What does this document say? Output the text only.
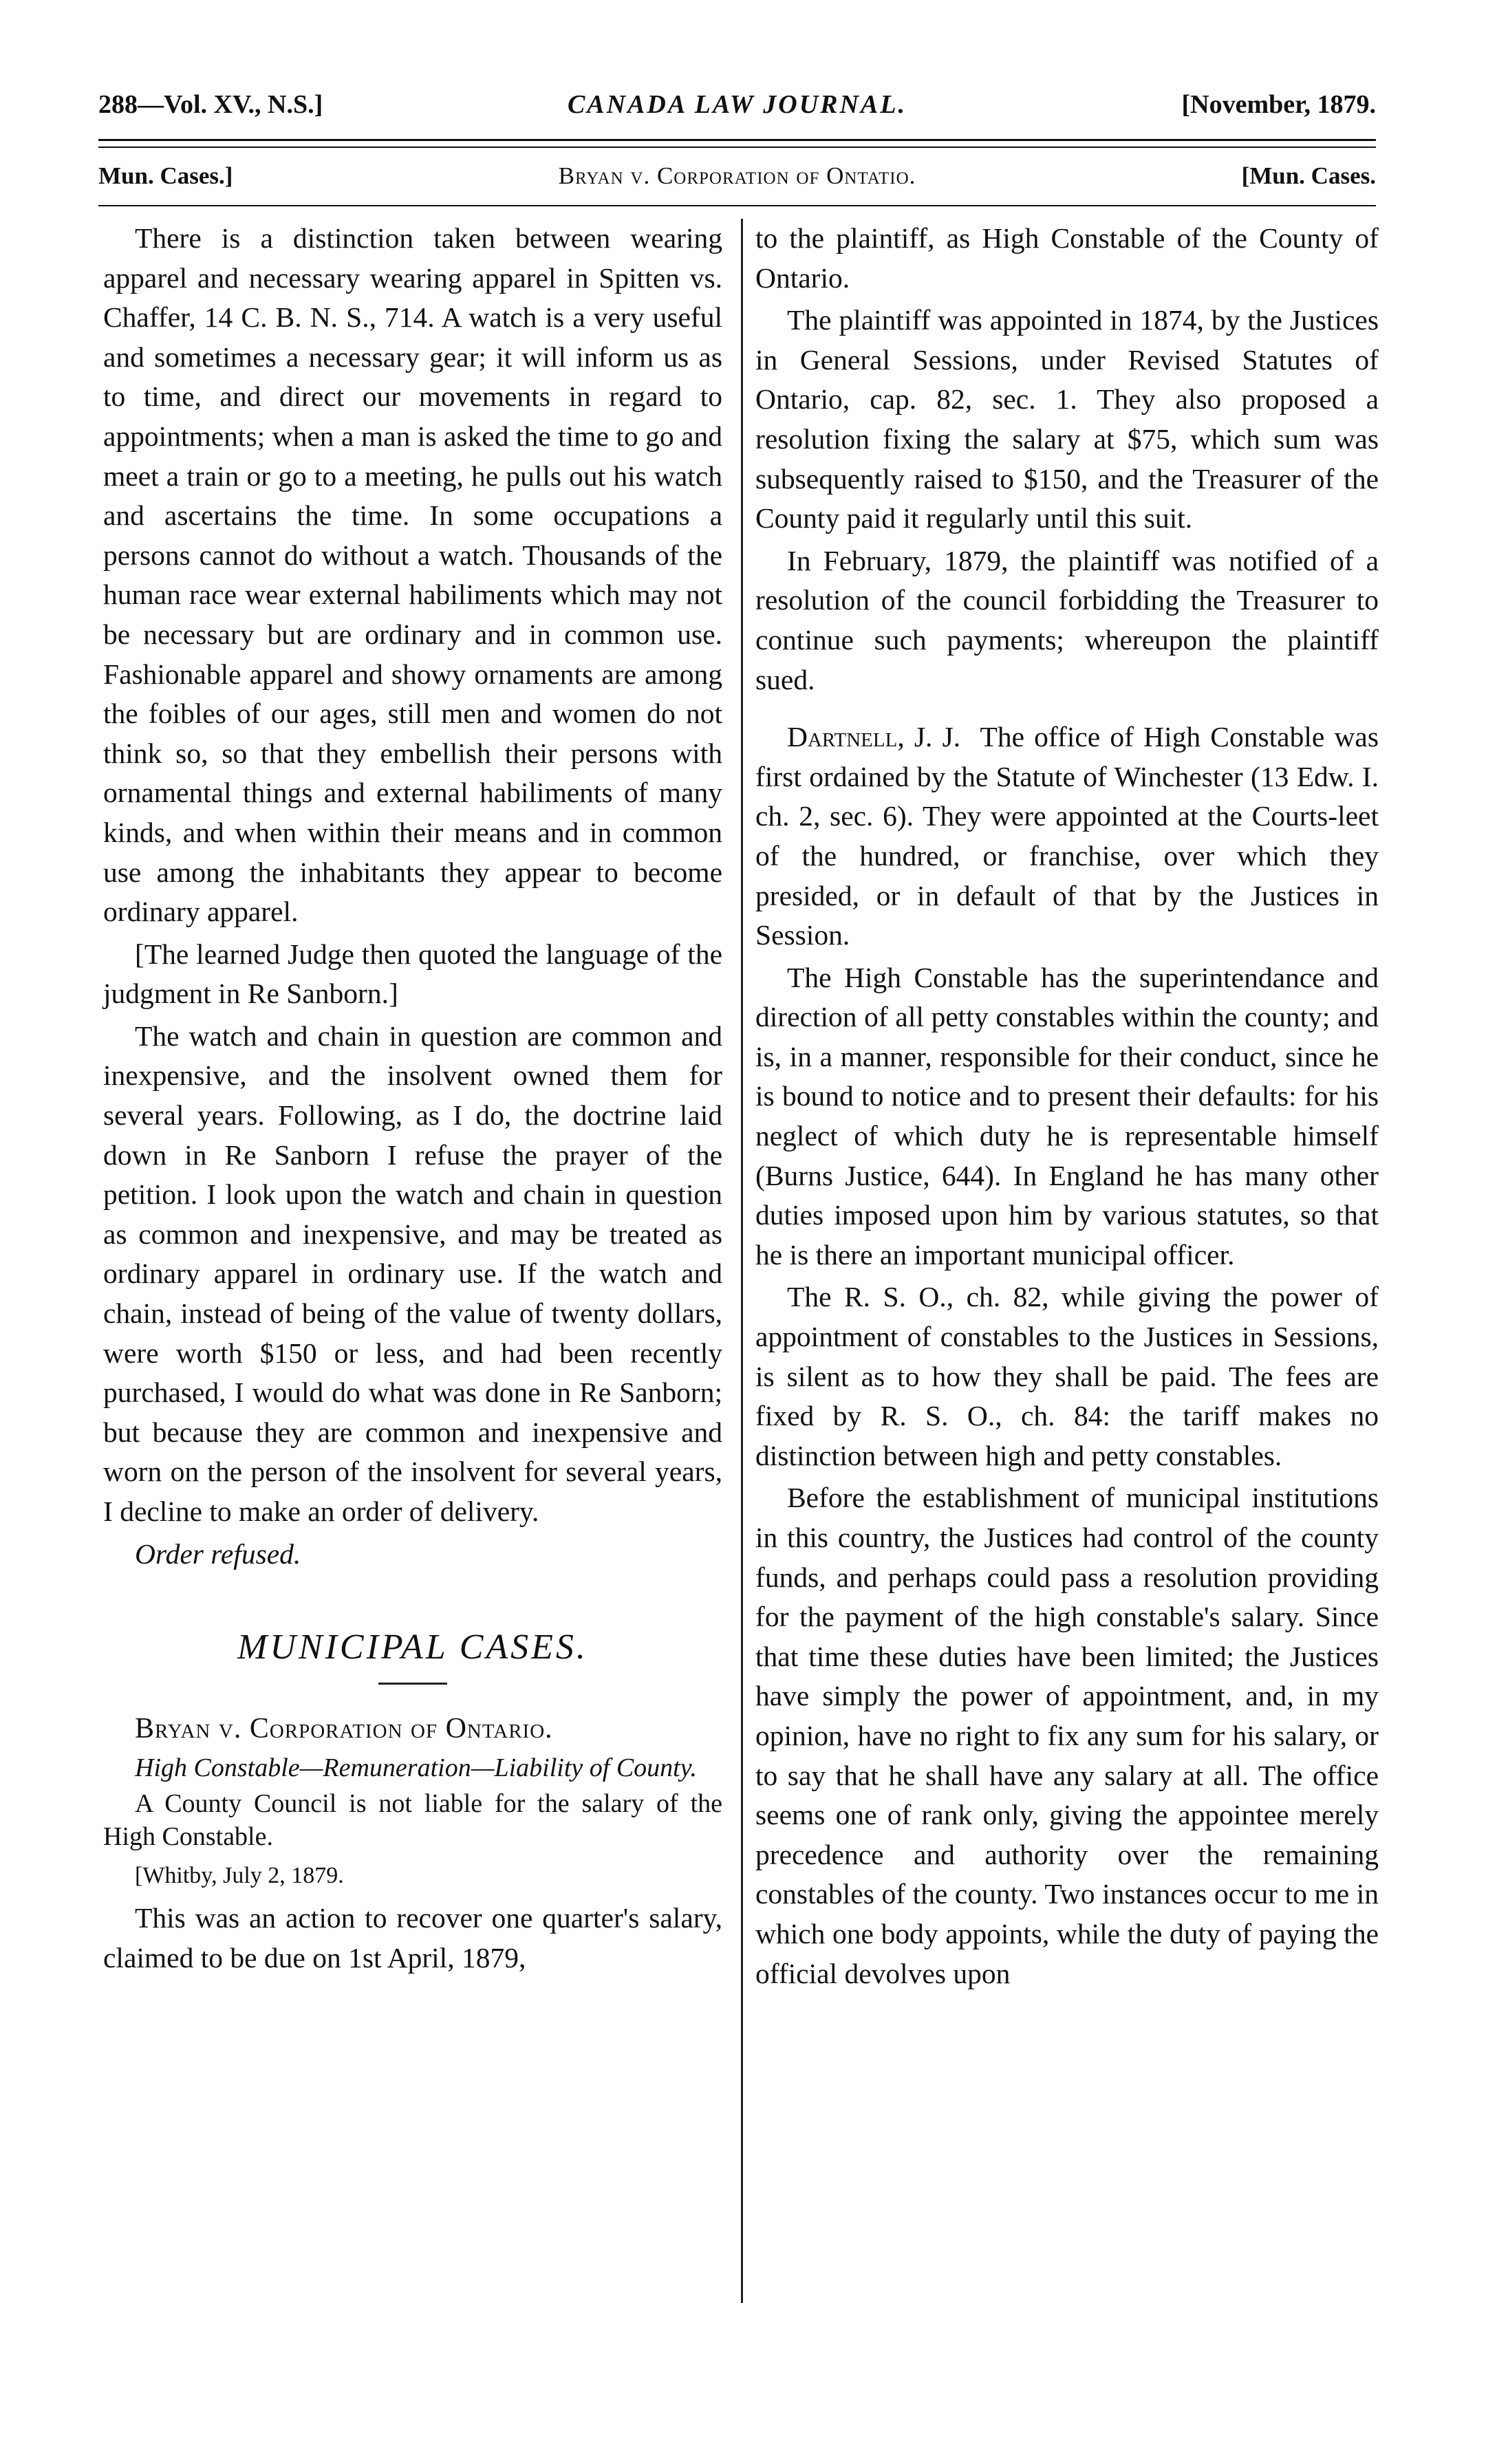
288—Vol. XV., N.S.]	CANADA LAW JOURNAL.	[November, 1879.
Mun. Cases.]	Bryan v. Corporation of Ontatio.	[Mun. Cases.

There is a distinction taken between wearing apparel and necessary wearing apparel in Spitten vs. Chaffer, 14 C. B. N. S., 714. A watch is a very useful and sometimes a necessary gear; it will inform us as to time, and direct our movements in regard to appointments; when a man is asked the time to go and meet a train or go to a meeting, he pulls out his watch and ascertains the time. In some occupations a persons cannot do without a watch. Thousands of the human race wear external habiliments which may not be necessary but are ordinary and in common use. Fashionable apparel and showy ornaments are among the foibles of our ages, still men and women do not think so, so that they embellish their persons with ornamental things and external habiliments of many kinds, and when within their means and in common use among the inhabitants they appear to become ordinary apparel.

[The learned Judge then quoted the language of the judgment in Re Sanborn.]

The watch and chain in question are common and inexpensive, and the insolvent owned them for several years. Following, as I do, the doctrine laid down in Re Sanborn I refuse the prayer of the petition. I look upon the watch and chain in question as common and inexpensive, and may be treated as ordinary apparel in ordinary use. If the watch and chain, instead of being of the value of twenty dollars, were worth $150 or less, and had been recently purchased, I would do what was done in Re Sanborn; but because they are common and inexpensive and worn on the person of the insolvent for several years, I decline to make an order of delivery.

Order refused.

MUNICIPAL CASES.

Bryan v. Corporation of Ontario.

High Constable—Remuneration—Liability of County.

A County Council is not liable for the salary of the High Constable.

[Whitby, July 2, 1879.

This was an action to recover one quarter's salary, claimed to be due on 1st April, 1879,

to the plaintiff, as High Constable of the County of Ontario.

The plaintiff was appointed in 1874, by the Justices in General Sessions, under Revised Statutes of Ontario, cap. 82, sec. 1. They also proposed a resolution fixing the salary at $75, which sum was subsequently raised to $150, and the Treasurer of the County paid it regularly until this suit.

In February, 1879, the plaintiff was notified of a resolution of the council forbidding the Treasurer to continue such payments; whereupon the plaintiff sued.

Dartnell, J. J. The office of High Constable was first ordained by the Statute of Winchester (13 Edw. I. ch. 2, sec. 6). They were appointed at the Courts-leet of the hundred, or franchise, over which they presided, or in default of that by the Justices in Session.

The High Constable has the superintendance and direction of all petty constables within the county; and is, in a manner, responsible for their conduct, since he is bound to notice and to present their defaults: for his neglect of which duty he is representable himself (Burns Justice, 644). In England he has many other duties imposed upon him by various statutes, so that he is there an important municipal officer.

The R. S. O., ch. 82, while giving the power of appointment of constables to the Justices in Sessions, is silent as to how they shall be paid. The fees are fixed by R. S. O., ch. 84: the tariff makes no distinction between high and petty constables.

Before the establishment of municipal institutions in this country, the Justices had control of the county funds, and perhaps could pass a resolution providing for the payment of the high constable's salary. Since that time these duties have been limited; the Justices have simply the power of appointment, and, in my opinion, have no right to fix any sum for his salary, or to say that he shall have any salary at all. The office seems one of rank only, giving the appointee merely precedence and authority over the remaining constables of the county. Two instances occur to me in which one body appoints, while the duty of paying the official devolves upon
